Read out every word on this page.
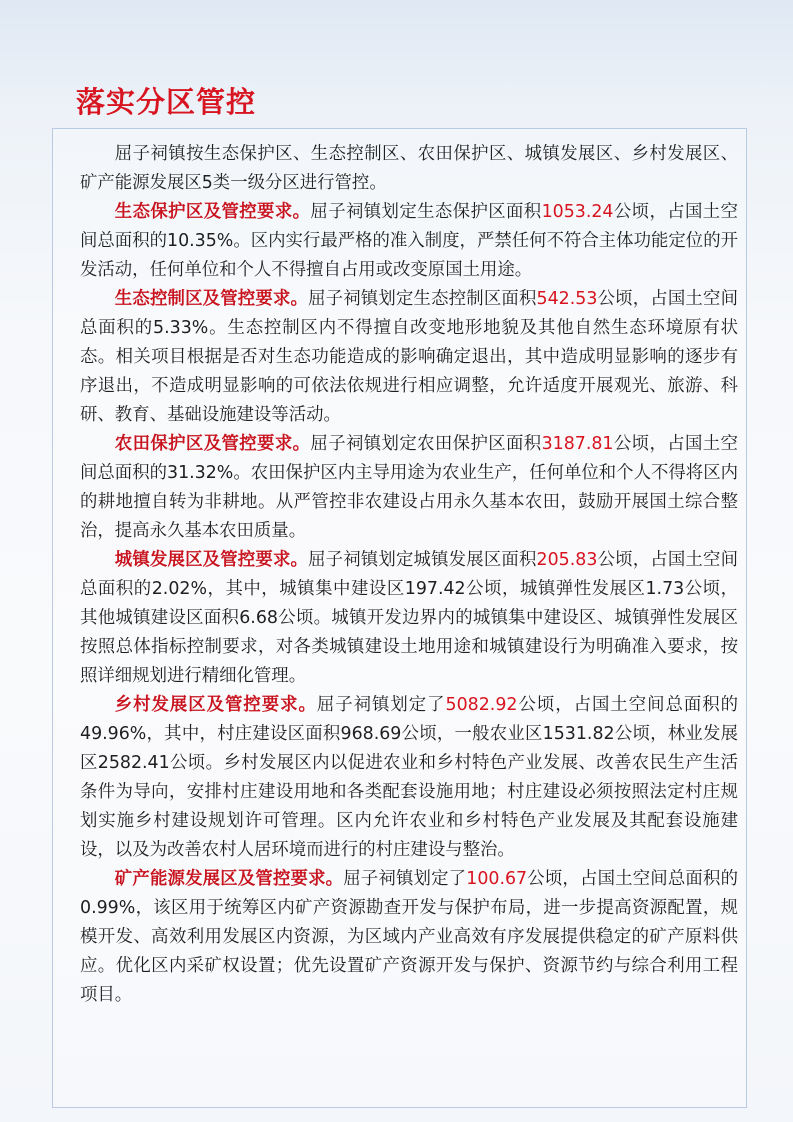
落实分区管控

屈子祠镇按生态保护区、生态控制区、农田保护区、城镇发展区、乡村发展区、矿产能源发展区5类一级分区进行管控。

生态保护区及管控要求。屈子祠镇划定生态保护区面积1053.24公顷，占国土空间总面积的10.35%。区内实行最严格的准入制度，严禁任何不符合主体功能定位的开发活动，任何单位和个人不得擅自占用或改变原国土用途。

生态控制区及管控要求。屈子祠镇划定生态控制区面积542.53公顷，占国土空间总面积的5.33%。生态控制区内不得擅自改变地形地貌及其他自然生态环境原有状态。相关项目根据是否对生态功能造成的影响确定退出，其中造成明显影响的逐步有序退出，不造成明显影响的可依法依规进行相应调整，允许适度开展观光、旅游、科研、教育、基础设施建设等活动。

农田保护区及管控要求。屈子祠镇划定农田保护区面积3187.81公顷，占国土空间总面积的31.32%。农田保护区内主导用途为农业生产，任何单位和个人不得将区内的耕地擅自转为非耕地。从严管控非农建设占用永久基本农田，鼓励开展国土综合整治，提高永久基本农田质量。

城镇发展区及管控要求。屈子祠镇划定城镇发展区面积205.83公顷，占国土空间总面积的2.02%，其中，城镇集中建设区197.42公顷，城镇弹性发展区1.73公顷，其他城镇建设区面积6.68公顷。城镇开发边界内的城镇集中建设区、城镇弹性发展区按照总体指标控制要求，对各类城镇建设土地用途和城镇建设行为明确准入要求，按照详细规划进行精细化管理。

乡村发展区及管控要求。屈子祠镇划定了5082.92公顷，占国土空间总面积的49.96%，其中，村庄建设区面积968.69公顷，一般农业区1531.82公顷，林业发展区2582.41公顷。乡村发展区内以促进农业和乡村特色产业发展、改善农民生产生活条件为导向，安排村庄建设用地和各类配套设施用地；村庄建设必须按照法定村庄规划实施乡村建设规划许可管理。区内允许农业和乡村特色产业发展及其配套设施建设，以及为改善农村人居环境而进行的村庄建设与整治。

矿产能源发展区及管控要求。屈子祠镇划定了100.67公顷，占国土空间总面积的0.99%，该区用于统筹区内矿产资源勘查开发与保护布局，进一步提高资源配置，规模开发、高效利用发展区内资源，为区域内产业高效有序发展提供稳定的矿产原料供应。优化区内采矿权设置；优先设置矿产资源开发与保护、资源节约与综合利用工程项目。
